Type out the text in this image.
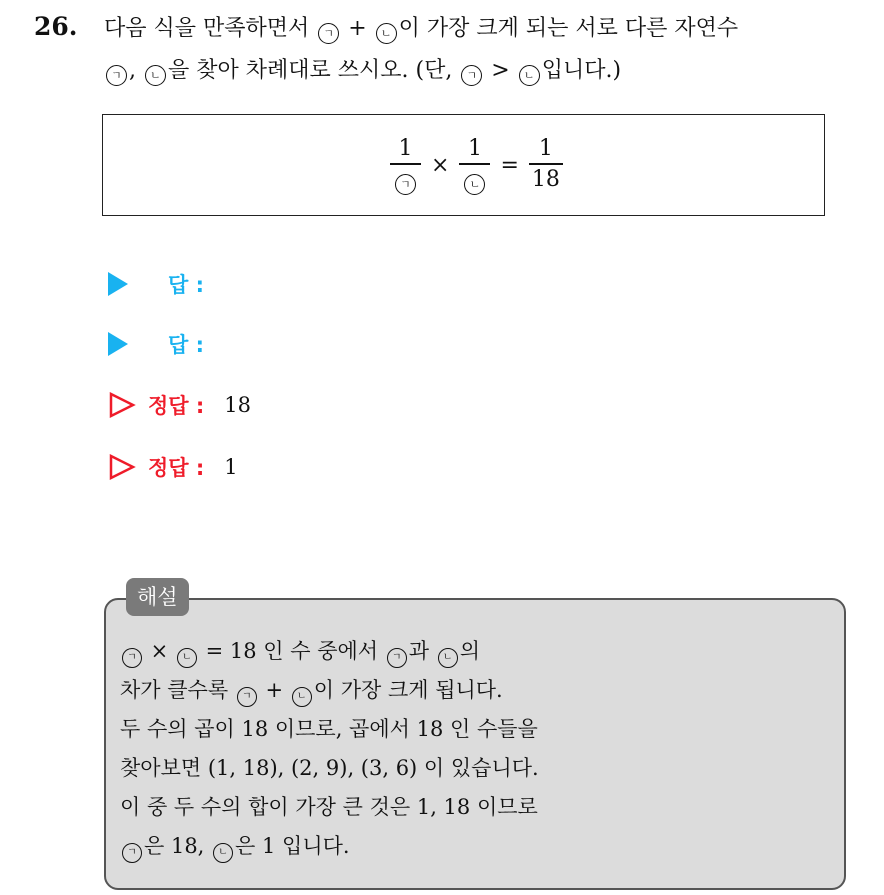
26. 다음 식을 만족하면서 ㄱ + ㄴ 이 가장 크게 되는 서로 다른 자연수
ㄱ , ㄴ 을 찾아 차례대로 쓰시오. (단, ㄱ > ㄴ 입니다.)
$\frac{1}{\text{ㄱ}} \times \frac{1}{\text{ㄴ}} = \frac{1}{18}$
답 :
답 :
정답 : 18
정답 : 1
해설
ㄱ × ㄴ = 18 인 수 중에서 ㄱ 과 ㄴ 의
차가 클수록 ㄱ + ㄴ 이 가장 크게 됩니다.
두 수의 곱이 18 이므로, 곱에서 18 인 수들을
찾아보면 (1, 18), (2, 9), (3, 6) 이 있습니다.
이 중 두 수의 합이 가장 큰 것은 1, 18 이므로
ㄱ 은 18, ㄴ 은 1 입니다.
